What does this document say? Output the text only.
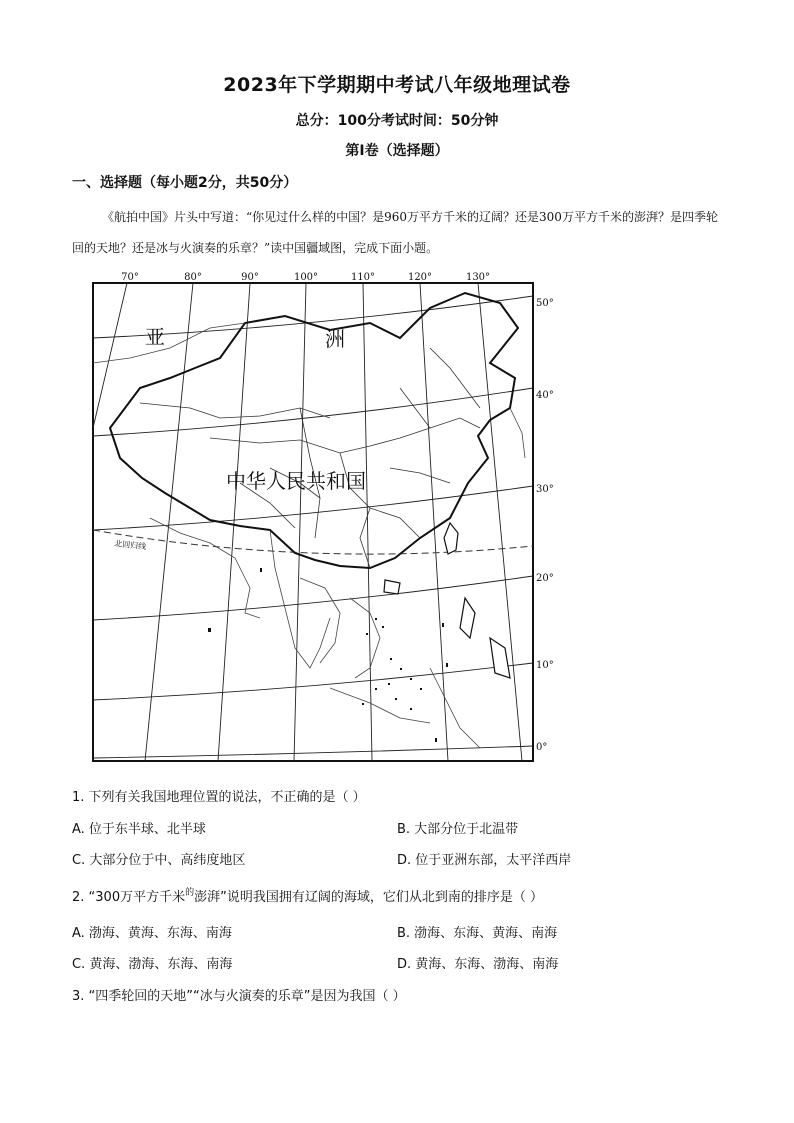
2023年下学期期中考试八年级地理试卷
总分：100分考试时间：50分钟
第Ⅰ卷（选择题）
一、选择题（每小题2分，共50分）
《航拍中国》片头中写道：“你见过什么样的中国？是960万平方千米的辽阔？还是300万平方千米的澎湃？是四季轮回的天地？还是冰与火演奏的乐章？”读中国疆域图，完成下面小题。
70°	80°	90°	100°	110°	120°	130°
50°
40°
30°
20°
10°
0°
亚	洲
中华人民共和国
北回归线
1. 下列有关我国地理位置的说法，不正确的是（ ）
A. 位于东半球、北半球	B. 大部分位于北温带
C. 大部分位于中、高纬度地区	D. 位于亚洲东部，太平洋西岸
2. “300万平方千米$^的$澎湃”说明我国拥有辽阔的海域，它们从北到南的排序是（ ）
A. 渤海、黄海、东海、南海	B. 渤海、东海、黄海、南海
C. 黄海、渤海、东海、南海	D. 黄海、东海、渤海、南海
3. “四季轮回的天地”“冰与火演奏的乐章”是因为我国（ ）
